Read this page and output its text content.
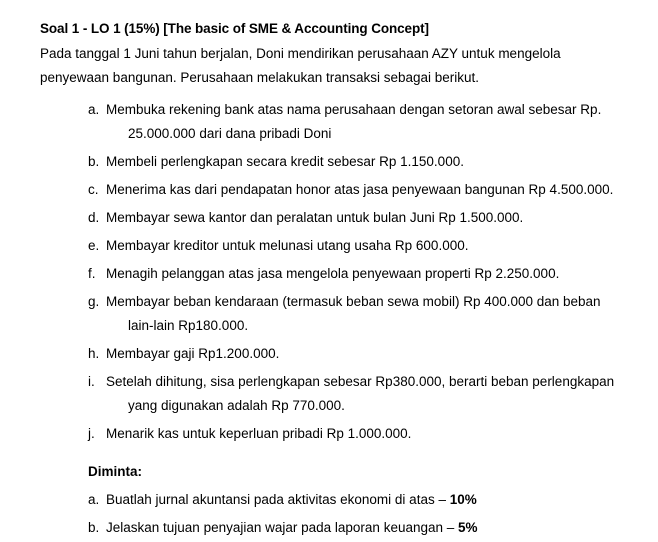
Soal 1 - LO 1 (15%) [The basic of SME & Accounting Concept]

Pada tanggal 1 Juni tahun berjalan, Doni mendirikan perusahaan AZY untuk mengelola

penyewaan bangunan. Perusahaan melakukan transaksi sebagai berikut.

a. Membuka rekening bank atas nama perusahaan dengan setoran awal sebesar Rp.
25.000.000 dari dana pribadi Doni
b. Membeli perlengkapan secara kredit sebesar Rp 1.150.000.
c. Menerima kas dari pendapatan honor atas jasa penyewaan bangunan Rp 4.500.000.
d. Membayar sewa kantor dan peralatan untuk bulan Juni Rp 1.500.000.
e. Membayar kreditor untuk melunasi utang usaha Rp 600.000.
f. Menagih pelanggan atas jasa mengelola penyewaan properti Rp 2.250.000.
g. Membayar beban kendaraan (termasuk beban sewa mobil) Rp 400.000 dan beban
lain-lain Rp180.000.
h. Membayar gaji Rp1.200.000.
i. Setelah dihitung, sisa perlengkapan sebesar Rp380.000, berarti beban perlengkapan
yang digunakan adalah Rp 770.000.
j. Menarik kas untuk keperluan pribadi Rp 1.000.000.
Diminta:
a. Buatlah jurnal akuntansi pada aktivitas ekonomi di atas – 10%
b. Jelaskan tujuan penyajian wajar pada laporan keuangan – 5%
